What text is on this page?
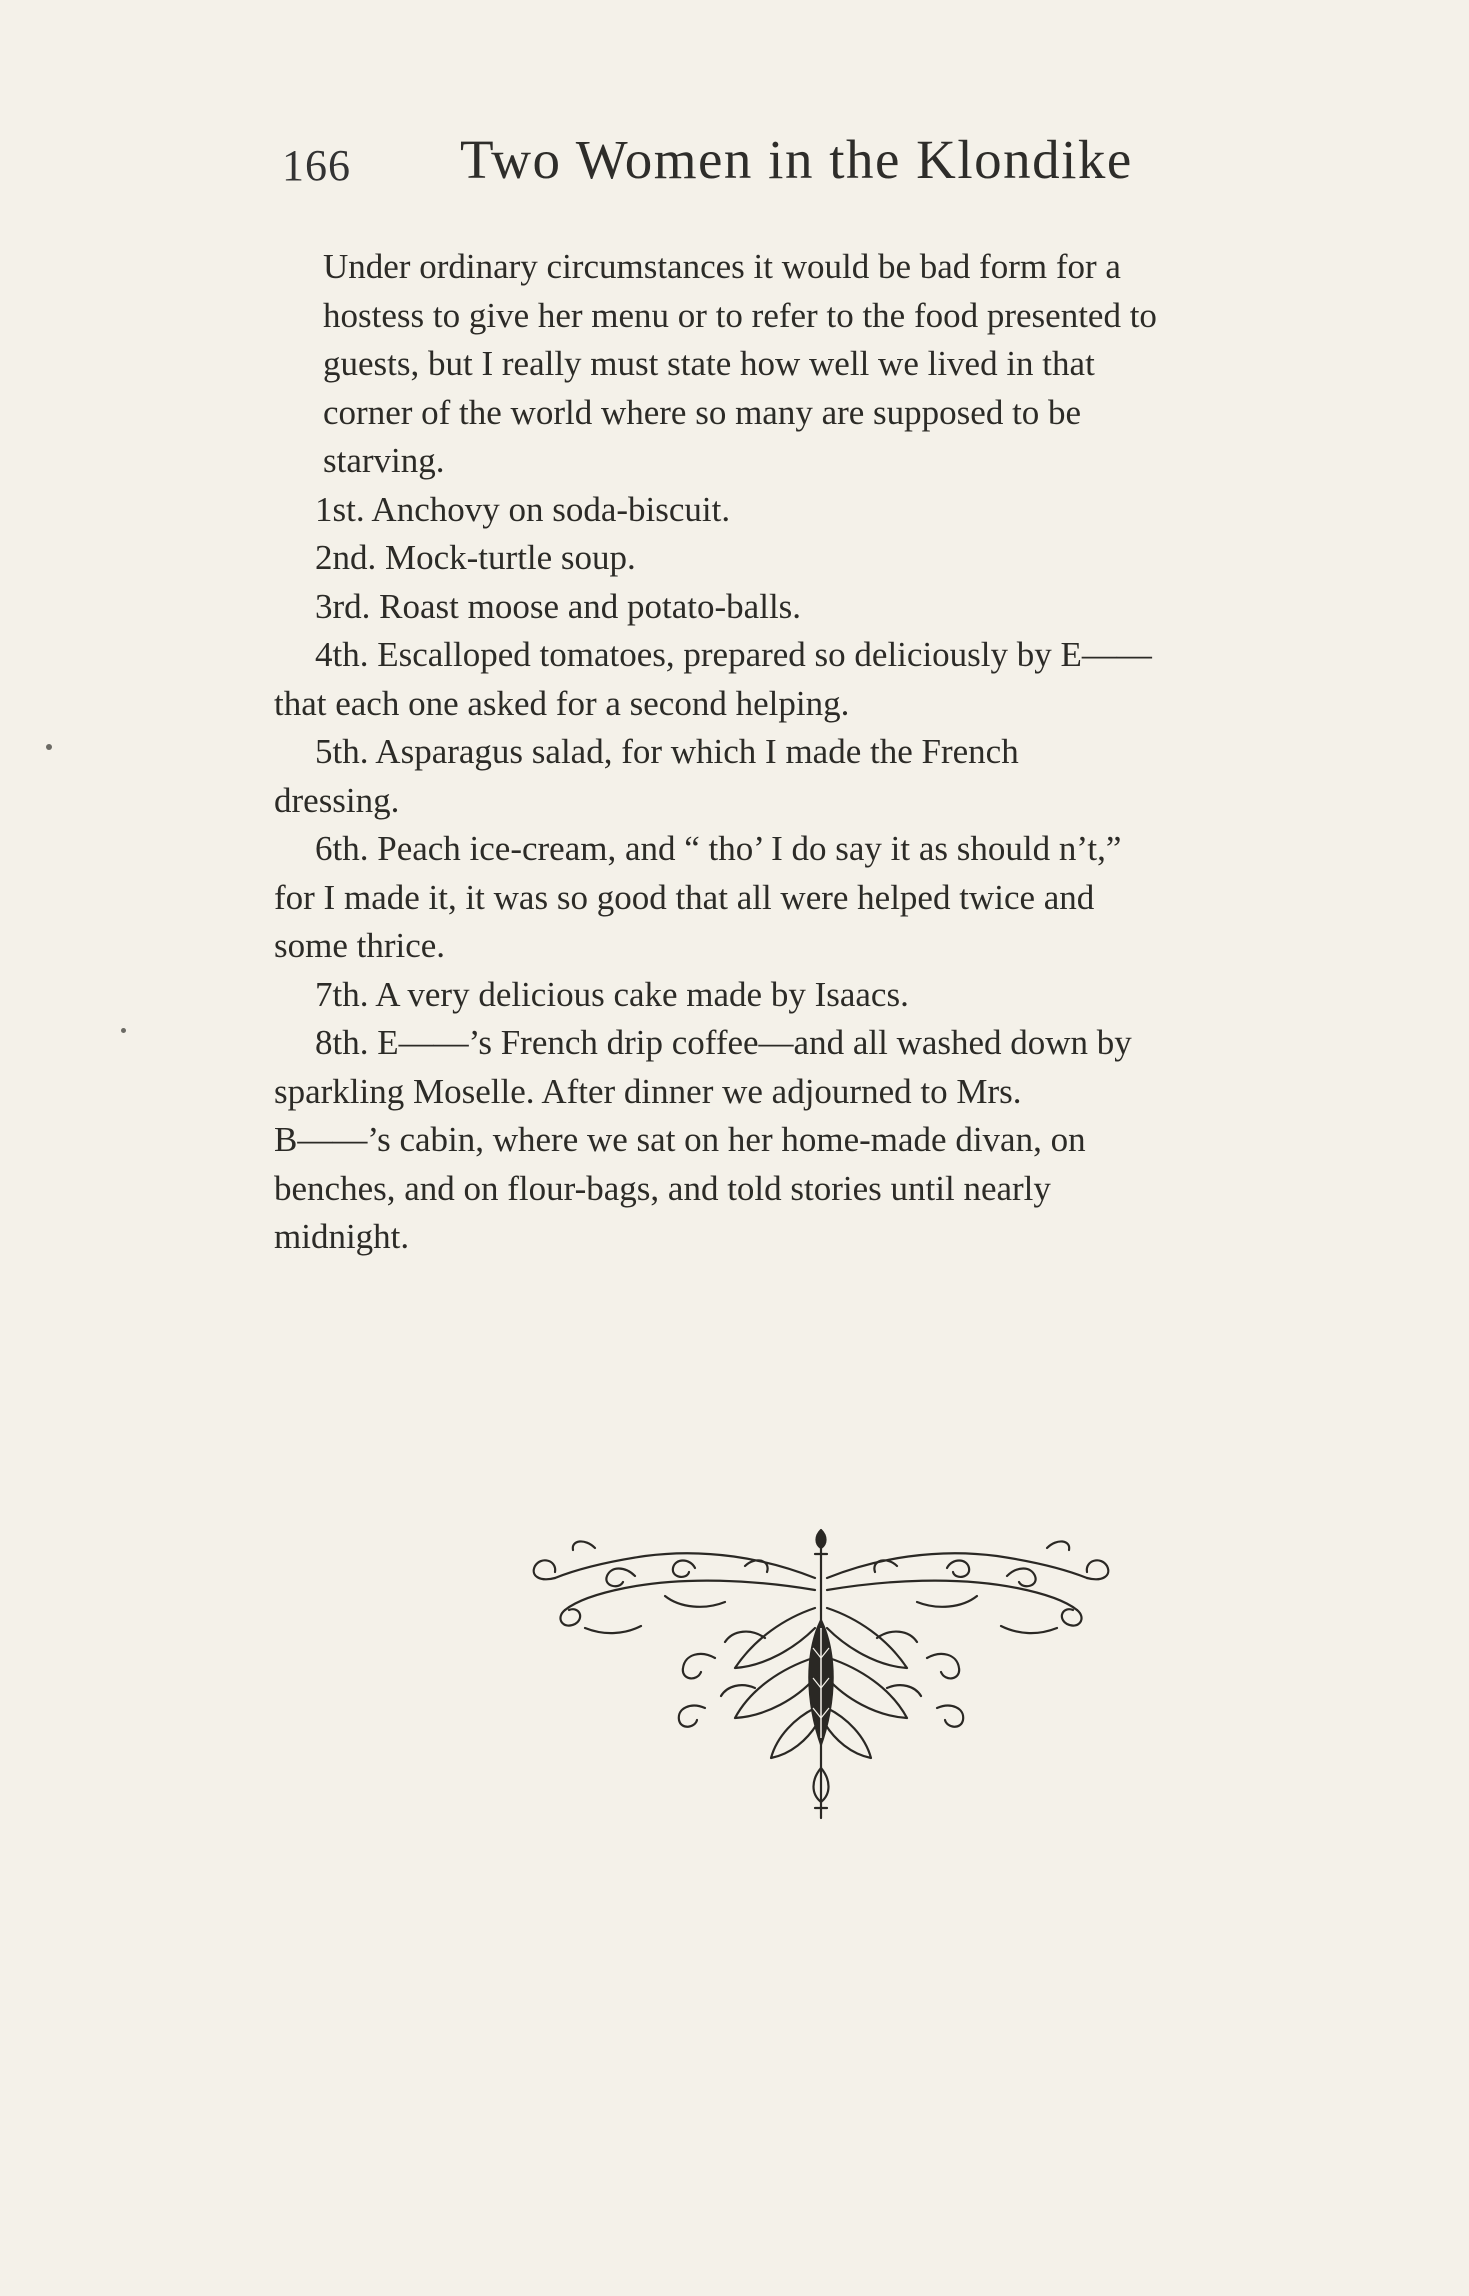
166 Two Women in the Klondike
Under ordinary circumstances it would be bad form for a
hostess to give her menu or to refer to the food presented to
guests, but I really must state how well we lived in that
corner of the world where so many are supposed to be
starving.
1st. Anchovy on soda-biscuit.
2nd. Mock-turtle soup.
3rd. Roast moose and potato-balls.
4th. Escalloped tomatoes, prepared so deliciously by E——
that each one asked for a second helping.
5th. Asparagus salad, for which I made the French
dressing.
6th. Peach ice-cream, and “ tho’ I do say it as should n’t,”
for I made it, it was so good that all were helped twice and
some thrice.
7th. A very delicious cake made by Isaacs.
8th. E——’s French drip coffee—and all washed down by
sparkling Moselle. After dinner we adjourned to Mrs.
B——’s cabin, where we sat on her home-made divan, on
benches, and on flour-bags, and told stories until nearly
midnight.
